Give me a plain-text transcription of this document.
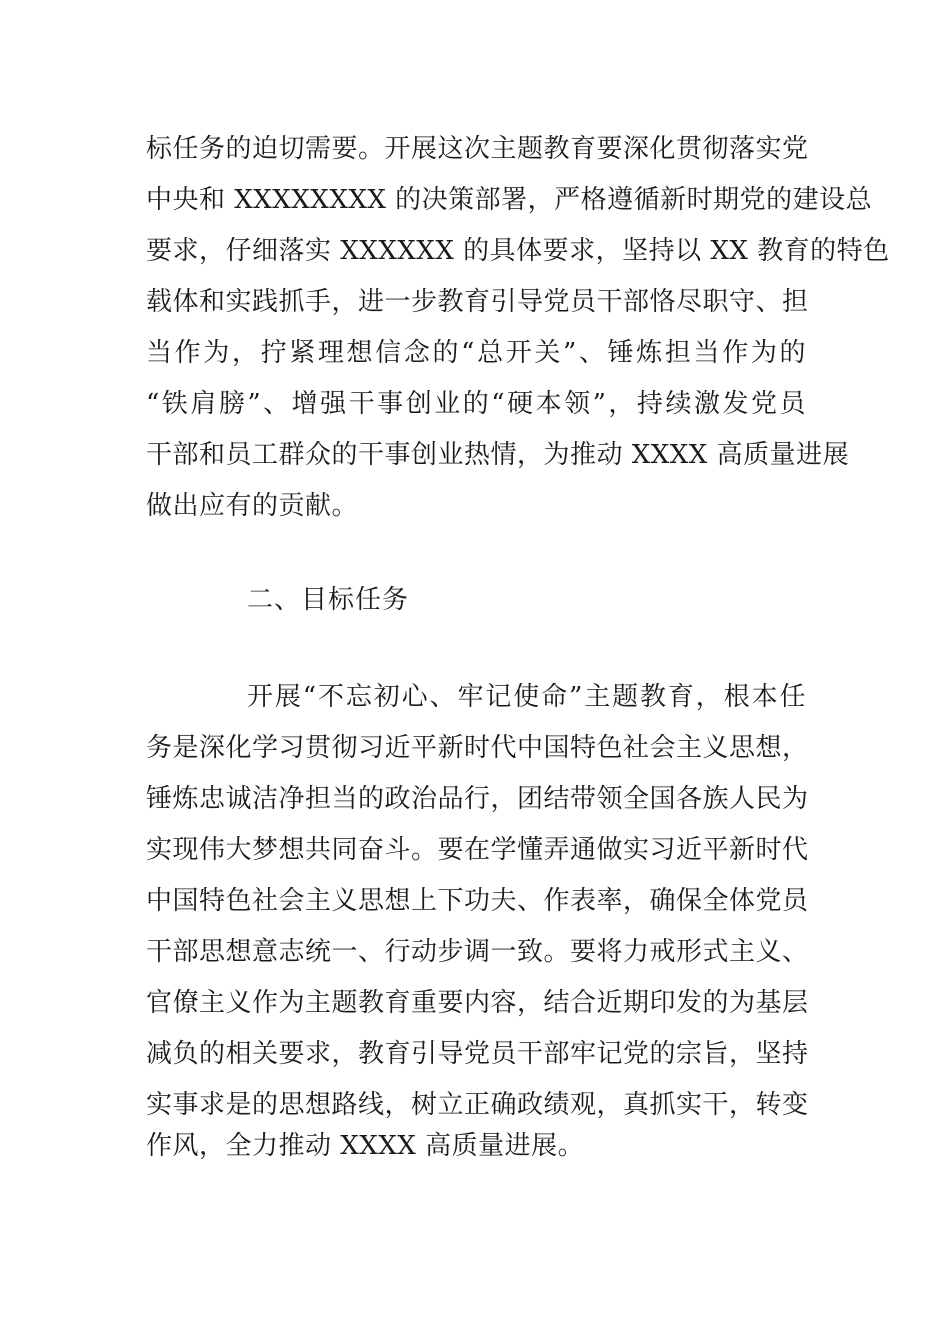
标任务的迫切需要。开展这次主题教育要深化贯彻落实党
中央和 XXXXXXXX 的决策部署，严格遵循新时期党的建设总
要求，仔细落实 XXXXXX 的具体要求，坚持以 XX 教育的特色
载体和实践抓手，进一步教育引导党员干部恪尽职守、担
当作为，拧紧理想信念的“总开关”、锤炼担当作为的
“铁肩膀”、增强干事创业的“硬本领”，持续激发党员
干部和员工群众的干事创业热情，为推动 XXXX 高质量进展
做出应有的贡献。
二、目标任务
开展“不忘初心、牢记使命”主题教育，根本任
务是深化学习贯彻习近平新时代中国特色社会主义思想，
锤炼忠诚洁净担当的政治品行，团结带领全国各族人民为
实现伟大梦想共同奋斗。要在学懂弄通做实习近平新时代
中国特色社会主义思想上下功夫、作表率，确保全体党员
干部思想意志统一、行动步调一致。要将力戒形式主义、
官僚主义作为主题教育重要内容，结合近期印发的为基层
减负的相关要求，教育引导党员干部牢记党的宗旨，坚持
实事求是的思想路线，树立正确政绩观，真抓实干，转变
作风，全力推动 XXXX 高质量进展。
